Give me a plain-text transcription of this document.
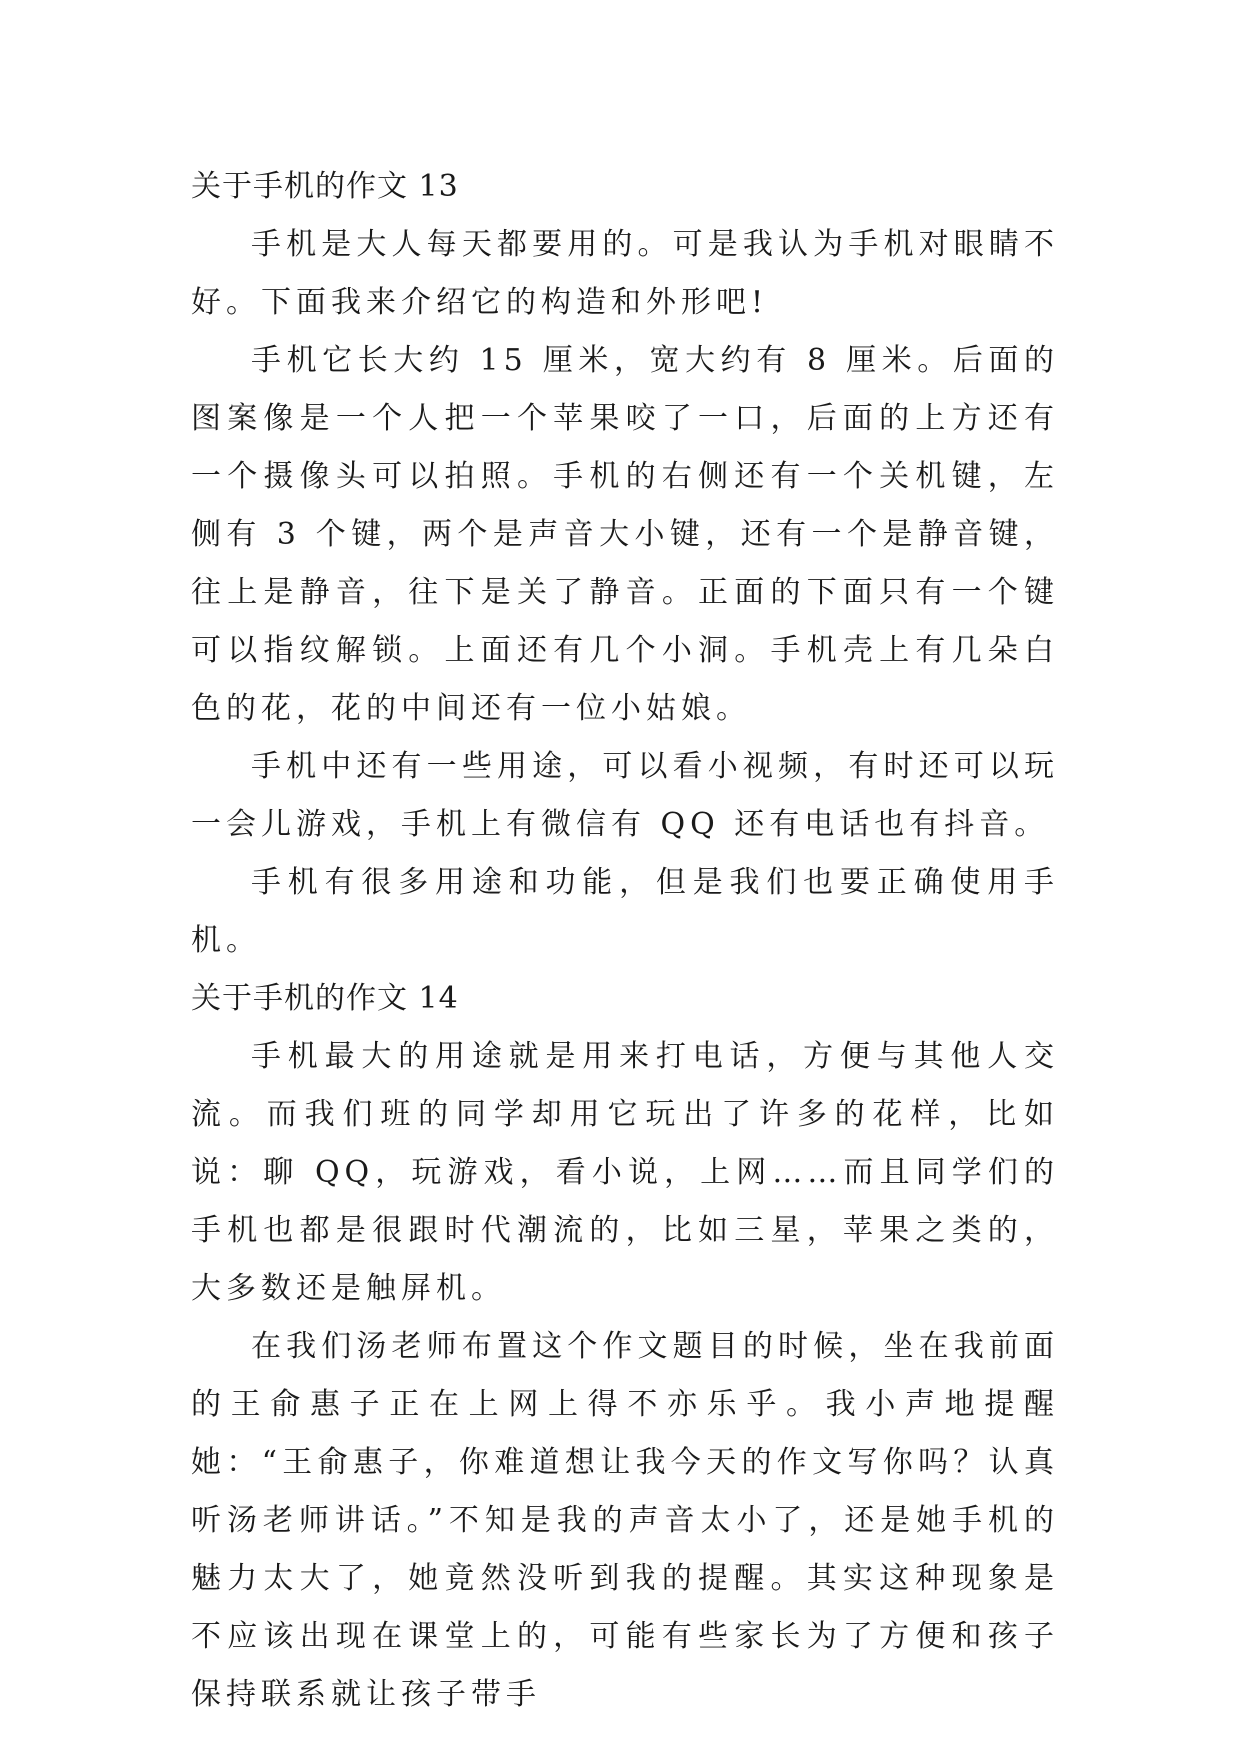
关于手机的作文 13

手机是大人每天都要用的。可是我认为手机对眼睛不好。下面我来介绍它的构造和外形吧!

手机它长大约 15 厘米，宽大约有 8 厘米。后面的图案像是一个人把一个苹果咬了一口，后面的上方还有一个摄像头可以拍照。手机的右侧还有一个关机键，左侧有 3 个键，两个是声音大小键，还有一个是静音键，往上是静音，往下是关了静音。正面的下面只有一个键可以指纹解锁。上面还有几个小洞。手机壳上有几朵白色的花，花的中间还有一位小姑娘。

手机中还有一些用途，可以看小视频，有时还可以玩一会儿游戏，手机上有微信有 QQ 还有电话也有抖音。

手机有很多用途和功能，但是我们也要正确使用手机。

关于手机的作文 14

手机最大的用途就是用来打电话，方便与其他人交流。而我们班的同学却用它玩出了许多的花样，比如说：聊 QQ，玩游戏，看小说，上网……而且同学们的手机也都是很跟时代潮流的，比如三星，苹果之类的，大多数还是触屏机。

在我们汤老师布置这个作文题目的时候，坐在我前面的王俞惠子正在上网上得不亦乐乎。我小声地提醒她：“王俞惠子，你难道想让我今天的作文写你吗？认真听汤老师讲话。”不知是我的声音太小了，还是她手机的魅力太大了，她竟然没听到我的提醒。其实这种现象是不应该出现在课堂上的，可能有些家长为了方便和孩子保持联系就让孩子带手
